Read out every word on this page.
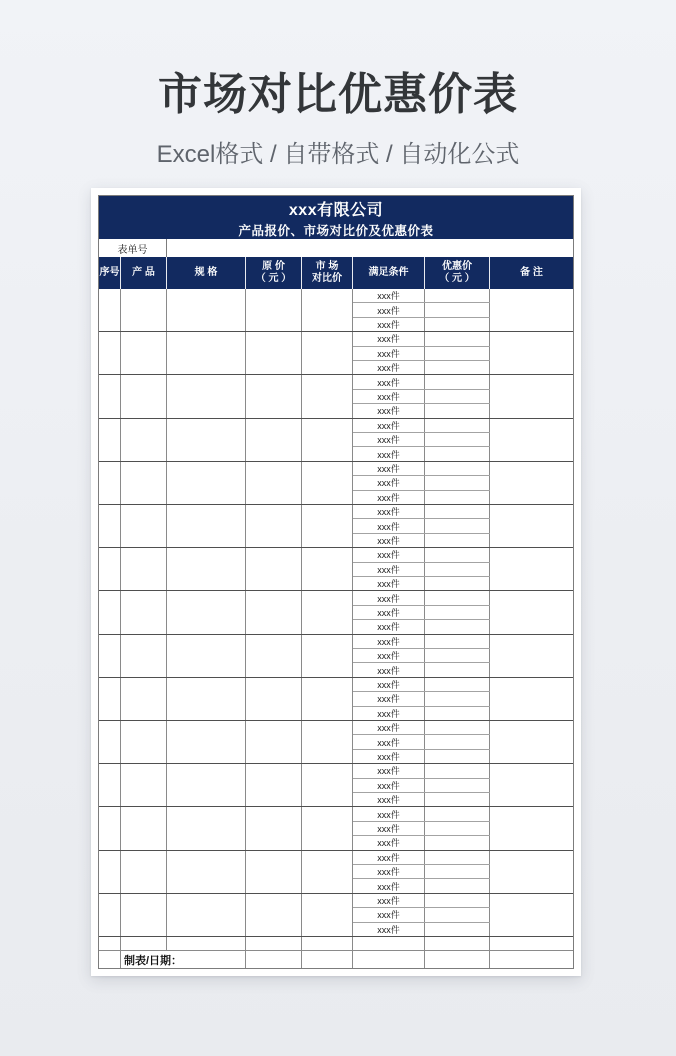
市场对比优惠价表
Excel格式 / 自带格式 / 自动化公式
xxx有限公司
产品报价、市场对比价及优惠价表
表单号
序号 产 品	规 格
原 价
（ 元 ）
市 场
对比价
满足条件
优惠价
（ 元 ）
备 注
xxx件
xxx件
xxx件
xxx件
xxx件
xxx件
xxx件
xxx件
xxx件
xxx件
xxx件
xxx件
xxx件
xxx件
xxx件
xxx件
xxx件
xxx件
xxx件
xxx件
xxx件
xxx件
xxx件
xxx件
xxx件
xxx件
xxx件
xxx件
xxx件
xxx件
xxx件
xxx件
xxx件
xxx件
xxx件
xxx件
xxx件
xxx件
xxx件
xxx件
xxx件
xxx件
xxx件
xxx件
xxx件
制表/日期：
